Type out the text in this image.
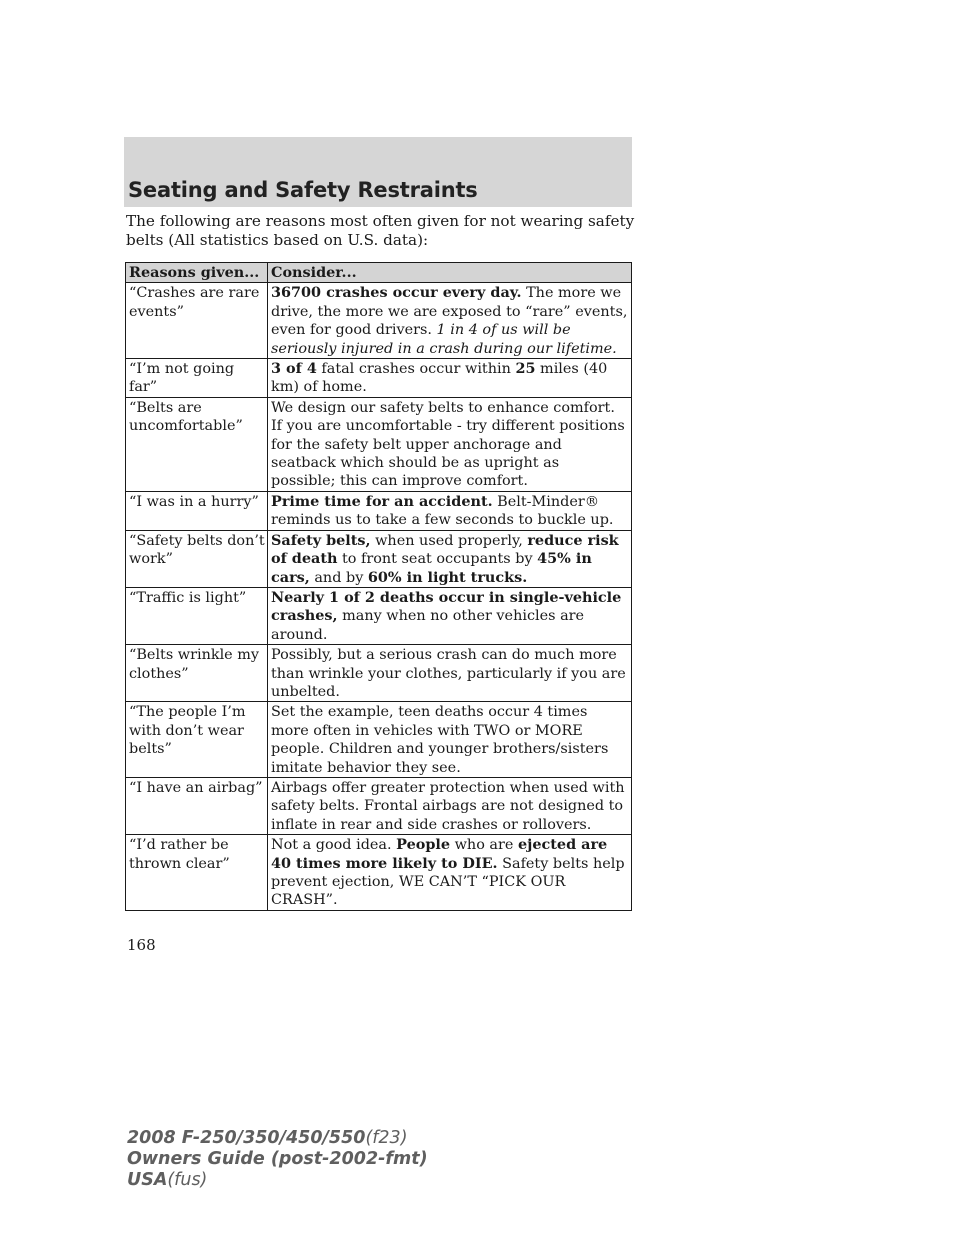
Seating and Safety Restraints
The following are reasons most often given for not wearing safety belts (All statistics based on U.S. data):
Reasons given...	Consider...
“Crashes are rare events”	36700 crashes occur every day. The more we drive, the more we are exposed to “rare” events, even for good drivers. 1 in 4 of us will be seriously injured in a crash during our lifetime.
“I’m not going far”	3 of 4 fatal crashes occur within 25 miles (40 km) of home.
“Belts are uncomfortable”	We design our safety belts to enhance comfort. If you are uncomfortable - try different positions for the safety belt upper anchorage and seatback which should be as upright as possible; this can improve comfort.
“I was in a hurry”	Prime time for an accident. Belt-Minder® reminds us to take a few seconds to buckle up.
“Safety belts don’t work”	Safety belts, when used properly, reduce risk of death to front seat occupants by 45% in cars, and by 60% in light trucks.
“Traffic is light”	Nearly 1 of 2 deaths occur in single-vehicle crashes, many when no other vehicles are around.
“Belts wrinkle my clothes”	Possibly, but a serious crash can do much more than wrinkle your clothes, particularly if you are unbelted.
“The people I’m with don’t wear belts”	Set the example, teen deaths occur 4 times more often in vehicles with TWO or MORE people. Children and younger brothers/sisters imitate behavior they see.
“I have an airbag”	Airbags offer greater protection when used with safety belts. Frontal airbags are not designed to inflate in rear and side crashes or rollovers.
“I’d rather be thrown clear”	Not a good idea. People who are ejected are 40 times more likely to DIE. Safety belts help prevent ejection, WE CAN’T “PICK OUR CRASH”.
168
2008 F-250/350/450/550(f23)
Owners Guide (post-2002-fmt)
USA(fus)
